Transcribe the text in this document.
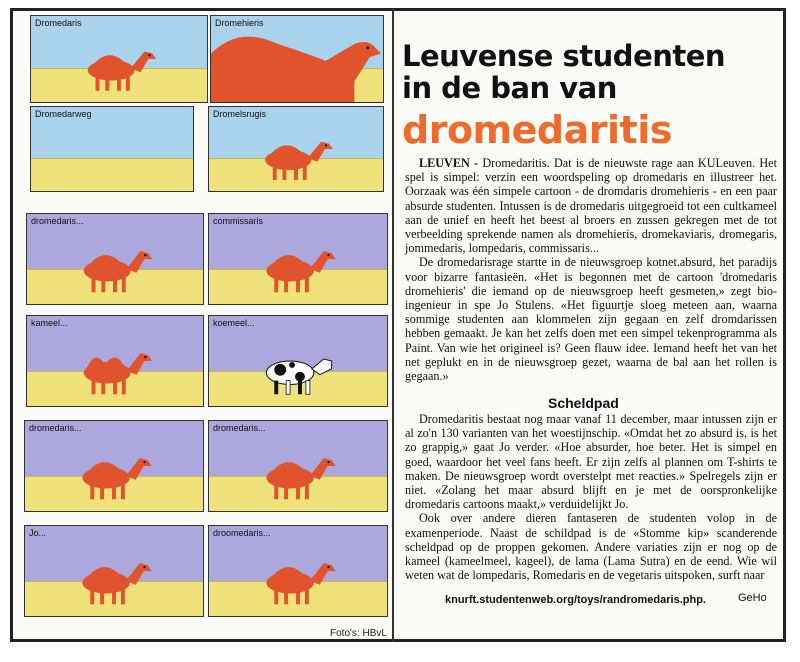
Dromedaris	Dromehieris
Dromedarweg	Dromelsrugis
dromedaris...	commissaris
kameel...	koemeel...
dromedaris...	dromedaris...
Jo...	droomedaris...
Foto's: HBvL
Leuvense studenten
in de ban van
dromedaritis

LEUVEN - Dromedaritis. Dat is de nieuwste rage aan KULeuven. Het spel is simpel: verzin een woordspeling op dromedaris en illustreer het. Oorzaak was één simpele cartoon - de dromdaris dromehieris - en een paar absurde studenten. Intussen is de dromedaris uitgegroeid tot een cultkameel aan de unief en heeft het beest al broers en zussen gekregen met de tot verbeelding sprekende namen als dromehieris, dromekaviaris, dromegaris, jommedaris, lompedaris, commissaris...

De dromedarisrage startte in de nieuwsgroep kotnet.absurd, het paradijs voor bizarre fantasieën. «Het is begonnen met de cartoon 'dromedaris dromehieris' die iemand op de nieuwsgroep heeft gesmeten,» zegt bio-ingenieur in spe Jo Stulens. «Het figuurtje sloeg meteen aan, waarna sommige studenten aan klommelen zijn gegaan en zelf dromdarissen hebben gemaakt. Je kan het zelfs doen met een simpel tekenprogramma als Paint. Van wie het origineel is? Geen flauw idee. Iemand heeft het van het net geplukt en in de nieuwsgroep gezet, waarna de bal aan het rollen is gegaan.»

Scheldpad

Dromedaritis bestaat nog maar vanaf 11 december, maar intussen zijn er al zo'n 130 varianten van het woestijnschip. «Omdat het zo absurd is, is het zo grappig,» gaat Jo verder. «Hoe absurder, hoe beter. Het is simpel en goed, waardoor het veel fans heeft. Er zijn zelfs al plannen om T-shirts te maken. De nieuwsgroep wordt overstelpt met reacties.» Spelregels zijn er niet. «Zolang het maar absurd blijft en je met de oorspronkelijke dromedaris cartoons maakt,» verduidelijkt Jo.

Ook over andere dieren fantaseren de studenten volop in de examenperiode. Naast de schildpad is de «Stomme kip» scanderende scheldpad op de proppen gekomen. Andere variaties zijn er nog op de kameel (kameelmeel, kageel), de lama (Lama Sutra) en de eend. Wie wil weten wat de lompedaris, Romedaris en de vegetaris uitspoken, surft naar

knurft.studentenweb.org/toys/randromedaris.php.	GeHo
